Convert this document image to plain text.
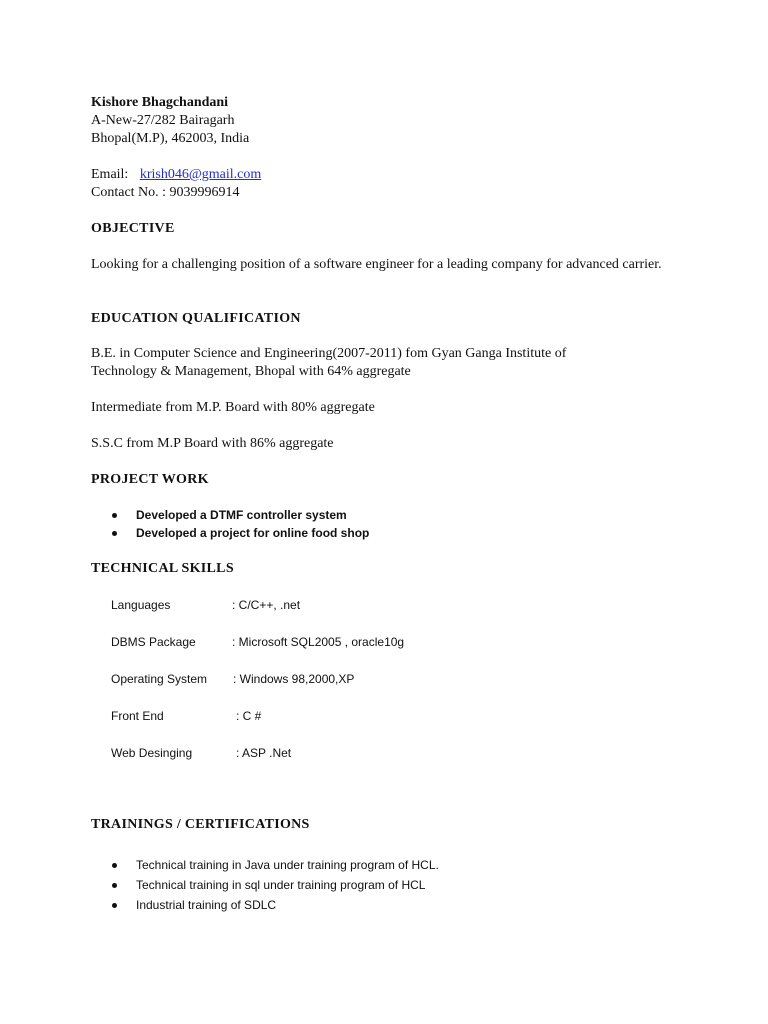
Kishore Bhagchandani
A-New-27/282 Bairagarh
Bhopal(M.P), 462003, India
Email: krish046@gmail.com
Contact No. : 9039996914
OBJECTIVE
Looking for a challenging position of a software engineer for a leading company for advanced carrier.
EDUCATION QUALIFICATION
B.E. in Computer Science and Engineering(2007-2011) fom Gyan Ganga Institute of Technology & Management, Bhopal with 64% aggregate
Intermediate from M.P. Board with 80% aggregate
S.S.C from M.P Board with 86% aggregate
PROJECT WORK
Developed a DTMF controller system
Developed a project for online food shop
TECHNICAL SKILLS
Languages	: C/C++, .net
DBMS Package	: Microsoft SQL2005 , oracle10g
Operating System : Windows 98,2000,XP
Front End	: C #
Web Desinging	: ASP .Net
TRAININGS / CERTIFICATIONS
Technical training in Java under training program of HCL.
Technical training in sql under training program of HCL
Industrial training of SDLC
